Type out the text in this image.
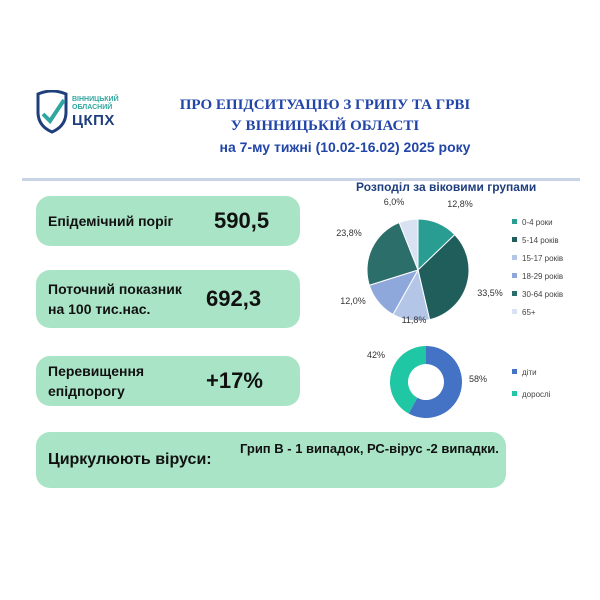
ВІННИЦЬКИЙ
ОБЛАСНИЙ
ЦКПХ
ПРО ЕПІДСИТУАЦІЮ З ГРИПУ ТА ГРВІ
У ВІННИЦЬКІЙ ОБЛАСТІ
на 7-му тижні (10.02-16.02) 2025 року
Епідемічний поріг 590,5
Поточний показник
на 100 тис.нас.	692,3
Перевищення
епідпорогу	+17%
Циркулюють віруси:
Грип В - 1 випадок, РС-вірус -2 випадки.
Розподіл за віковими групами
12,8%
0-4 роки
33,5%
5-14 років
11,8%
15-17 років
12,0%
18-29 років
23,8%
30-64 років
6,0%
65+
58%
діти
42%
дорослі
